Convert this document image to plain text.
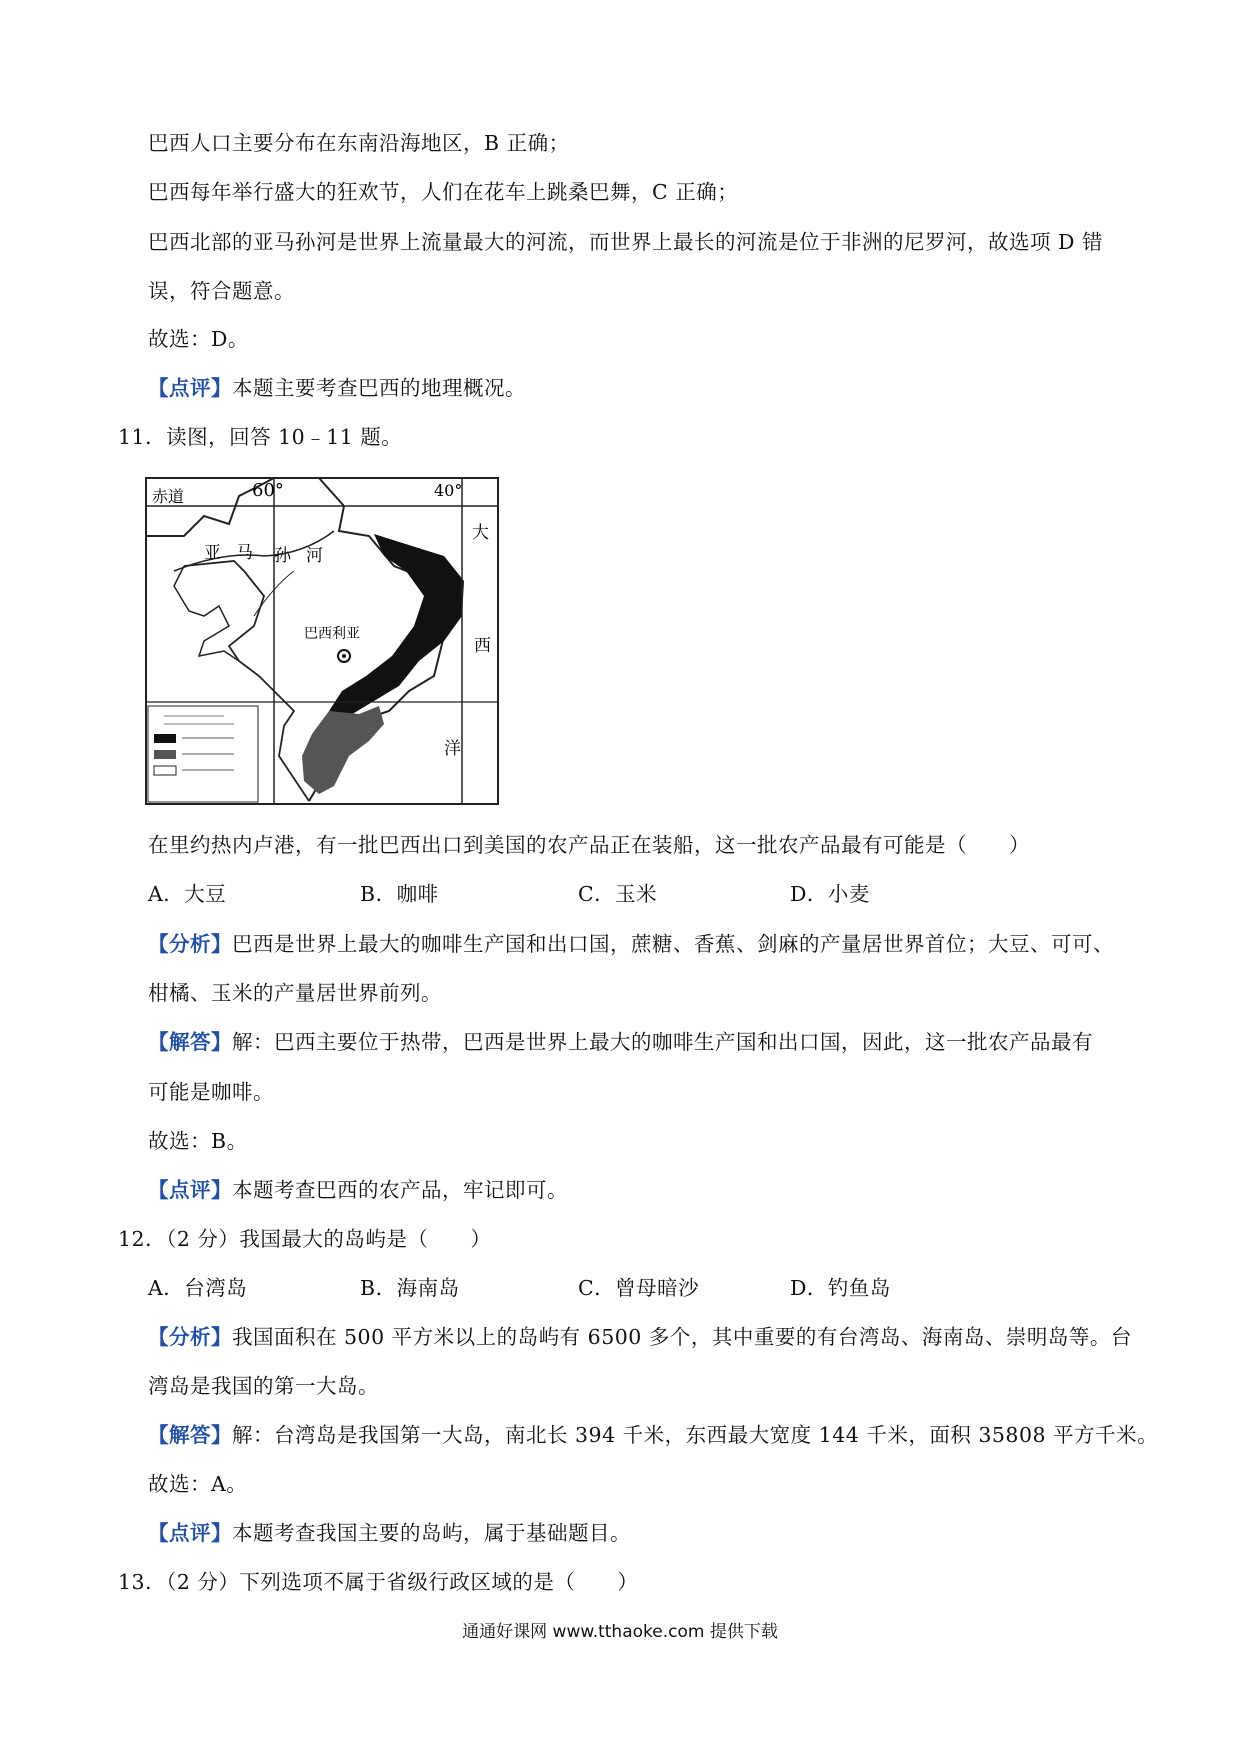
巴西人口主要分布在东南沿海地区，B 正确；
巴西每年举行盛大的狂欢节，人们在花车上跳桑巴舞，C 正确；
巴西北部的亚马孙河是世界上流量最大的河流，而世界上最长的河流是位于非洲的尼罗河，故选项 D 错
误，符合题意。
故选：D。
【点评】本题主要考查巴西的地理概况。
11．读图，回答 10﹣11 题。
60°	40°
赤道
亚 马 孙 河
巴西利亚
大
西
洋
在里约热内卢港，有一批巴西出口到美国的农产品正在装船，这一批农产品最有可能是（　　）
A．大豆	B．咖啡	C．玉米	D．小麦
【分析】巴西是世界上最大的咖啡生产国和出口国，蔗糖、香蕉、剑麻的产量居世界首位；大豆、可可、
柑橘、玉米的产量居世界前列。
【解答】解：巴西主要位于热带，巴西是世界上最大的咖啡生产国和出口国，因此，这一批农产品最有
可能是咖啡。
故选：B。
【点评】本题考查巴西的农产品，牢记即可。
12．（2 分）我国最大的岛屿是（　　）
A．台湾岛	B．海南岛	C．曾母暗沙	D．钓鱼岛
【分析】我国面积在 500 平方米以上的岛屿有 6500 多个，其中重要的有台湾岛、海南岛、崇明岛等。台
湾岛是我国的第一大岛。
【解答】解：台湾岛是我国第一大岛，南北长 394 千米，东西最大宽度 144 千米，面积 35808 平方千米。
故选：A。
【点评】本题考查我国主要的岛屿，属于基础题目。
13．（2 分）下列选项不属于省级行政区域的是（　　）
通通好课网 www.tthaoke.com 提供下载
